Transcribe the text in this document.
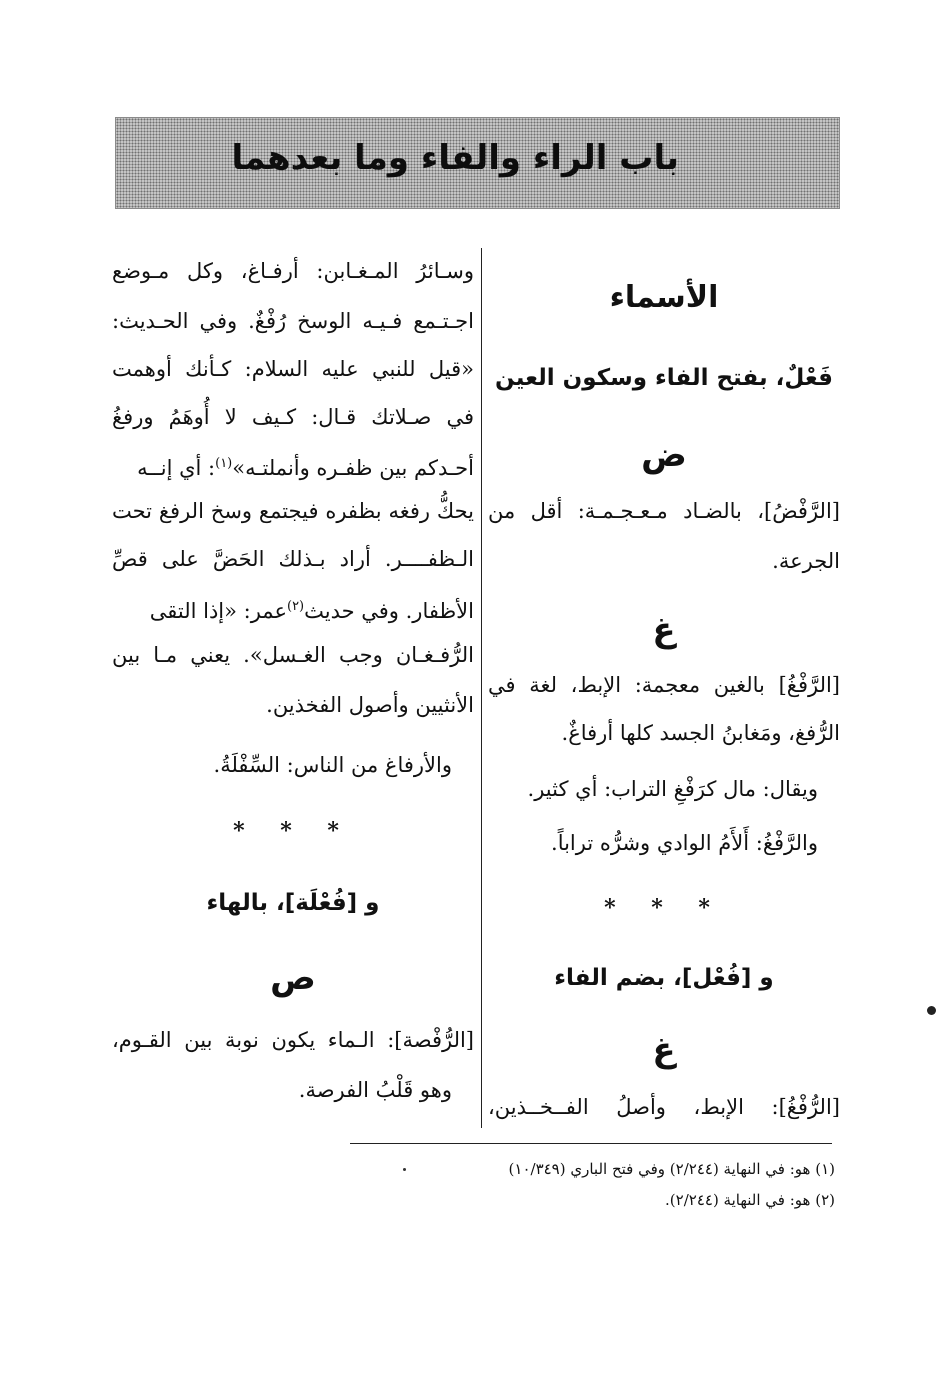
باب الراء والفاء وما بعدهما
الأسماء
فَعْلٌ، بفتح الفاء وسكون العين
ض
[الرَّفْضُ]، بالضـاد مـعـجـمـة: أقل من
الجرعة.
غ
[الرَّفْغُ] بالغين معجمة: الإبط، لغة في
الرُّفغ، ومَغابنُ الجسد كلها أرفاغٌ.
ويقال: مال كرَفْغِ التراب: أي كثير.
والرَّفْغُ: أَلأَمُ الوادي وشرُّه تراباً.
* * *
و [فُعْل]، بضم الفاء
غ
[الرُّفْغُ]: الإبط، وأصلُ الفــخــذين،
وسـائرُ المـغـابن: أرفـاغ، وكل مـوضع
اجـتـمع فـيـه الوسخ رُفْغٌ. وفي الحـديث:
«قيل للنبي عليه السلام: كـأنك أوهمت
في صـلاتك قـال: كـيف لا أُوهَمُ ورفغُ
أحـدكم بين ظفـره وأنملتـه»$^{(١)}$: أي إنــه
يحكُّ رفغه بظفره فيجتمع وسخ الرفغ تحت
الـظفــــر. أراد بـذلك الحَضَّ على قصِّ
الأظفار. وفي حديث$^{(٢)}$عمر: «إذا التقى
الرُّفـغـان وجب الغـسل». يعني مـا بين
الأنثيين وأصول الفخذين.
والأرفاغ من الناس: السِّفْلَةُ.
* * *
و [فُعْلَة]، بالهاء
ص
[الرُّفْصة]: الـماء يكون نوبة بين القـوم،
وهو قَلْبُ الفرصة.
(١) هو: في النهاية (٢/٢٤٤) وفي فتح الباري (١٠/٣٤٩)
(٢) هو: في النهاية (٢/٢٤٤).
